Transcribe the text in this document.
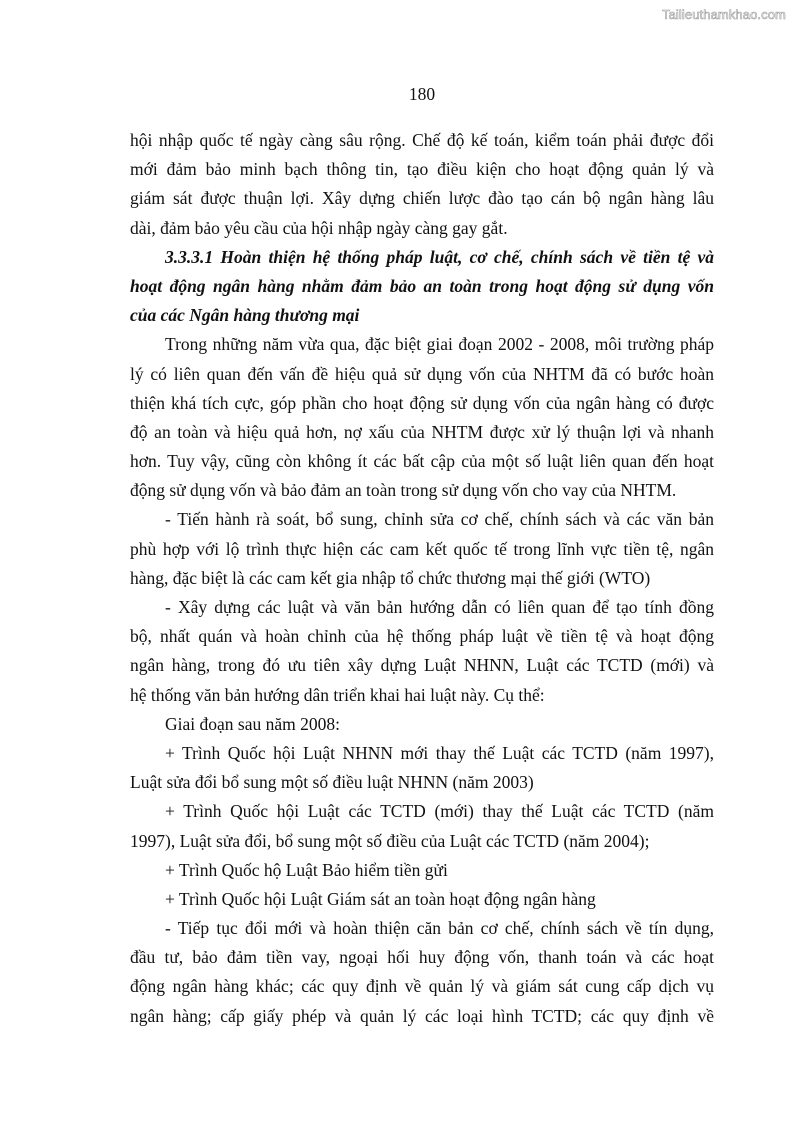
Tailieuthamkhao.com
180
hội nhập quốc tế ngày càng sâu rộng. Chế độ kế toán, kiểm toán phải được đổi
mới đảm bảo minh bạch thông tin, tạo điều kiện cho hoạt động quản lý và
giám sát được thuận lợi. Xây dựng chiến lược đào tạo cán bộ ngân hàng lâu
dài, đảm bảo yêu cầu của hội nhập ngày càng gay gắt.
3.3.3.1 Hoàn thiện hệ thống pháp luật, cơ chế, chính sách về tiền tệ và
hoạt động ngân hàng nhằm đảm bảo an toàn trong hoạt động sử dụng vốn
của các Ngân hàng thương mại
Trong những năm vừa qua, đặc biệt giai đoạn 2002 - 2008, môi trường pháp
lý có liên quan đến vấn đề hiệu quả sử dụng vốn của NHTM đã có bước hoàn
thiện khá tích cực, góp phần cho hoạt động sử dụng vốn của ngân hàng có được
độ an toàn và hiệu quả hơn, nợ xấu của NHTM được xử lý thuận lợi và nhanh
hơn. Tuy vậy, cũng còn không ít các bất cập của một số luật liên quan đến hoạt
động sử dụng vốn và bảo đảm an toàn trong sử dụng vốn cho vay của NHTM.
- Tiến hành rà soát, bổ sung, chỉnh sửa cơ chế, chính sách và các văn bản
phù hợp với lộ trình thực hiện các cam kết quốc tế trong lĩnh vực tiền tệ, ngân
hàng, đặc biệt là các cam kết gia nhập tổ chức thương mại thế giới (WTO)
- Xây dựng các luật và văn bản hướng dẫn có liên quan để tạo tính đồng
bộ, nhất quán và hoàn chỉnh của hệ thống pháp luật về tiền tệ và hoạt động
ngân hàng, trong đó ưu tiên xây dựng Luật NHNN, Luật các TCTD (mới) và
hệ thống văn bản hướng dân triển khai hai luật này. Cụ thể:
Giai đoạn sau năm 2008:
+ Trình Quốc hội Luật NHNN mới thay thế Luật các TCTD (năm 1997),
Luật sửa đổi bổ sung một số điều luật NHNN (năm 2003)
+ Trình Quốc hội Luật các TCTD (mới) thay thế Luật các TCTD (năm
1997), Luật sửa đổi, bổ sung một số điều của Luật các TCTD (năm 2004);
+ Trình Quốc hộ Luật Bảo hiểm tiền gửi
+ Trình Quốc hội Luật Giám sát an toàn hoạt động ngân hàng
- Tiếp tục đổi mới và hoàn thiện căn bản cơ chế, chính sách về tín dụng,
đầu tư, bảo đảm tiền vay, ngoại hối huy động vốn, thanh toán và các hoạt
động ngân hàng khác; các quy định về quản lý và giám sát cung cấp dịch vụ
ngân hàng; cấp giấy phép và quản lý các loại hình TCTD; các quy định về
